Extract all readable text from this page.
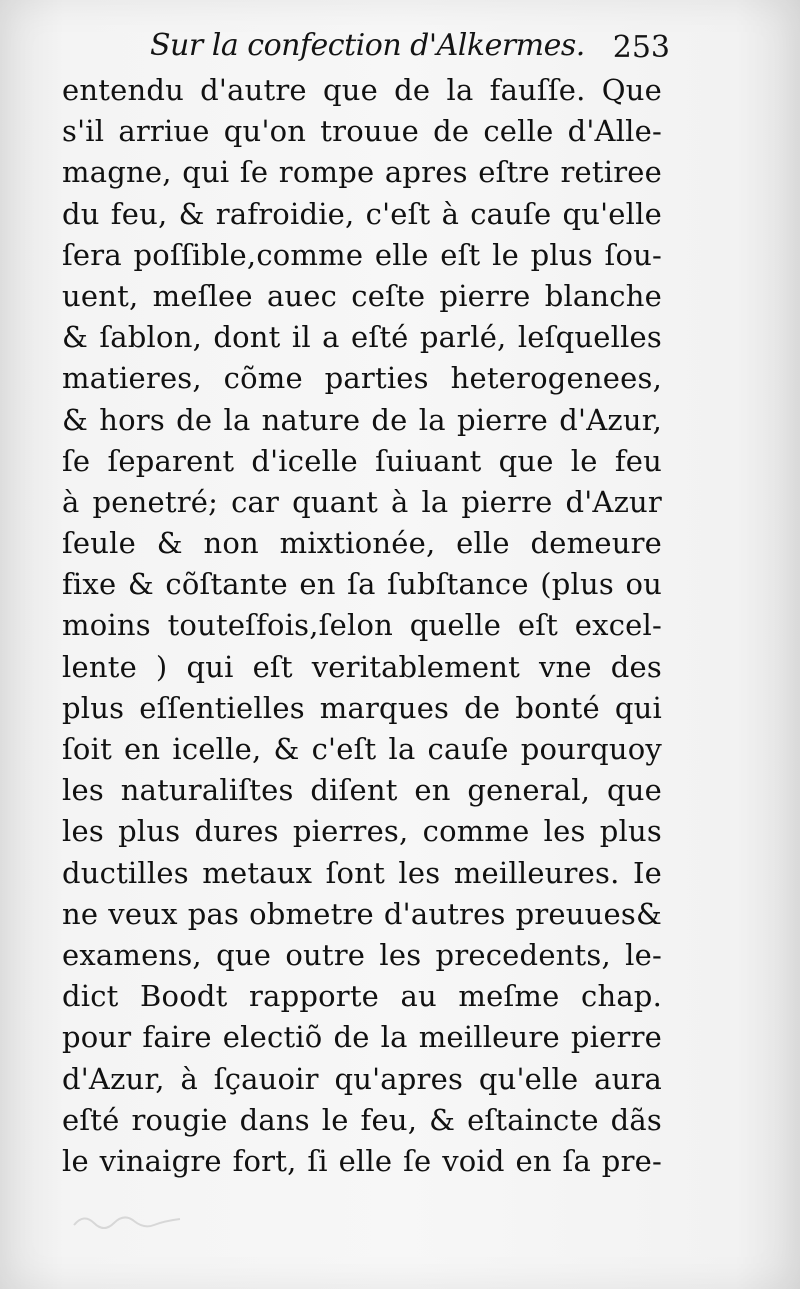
Sur la confection d'Alkermes. 253
entendu d'autre que de la fauſſe. Que
s'il arriue qu'on trouue de celle d'Alle-
magne, qui ſe rompe apres eſtre retiree
du feu, & rafroidie, c'eſt à cauſe qu'elle
ſera poſſible,comme elle eſt le plus ſou-
uent, meſlee auec ceſte pierre blanche
& ſablon, dont il a eſté parlé, leſquelles
matieres, cõme parties heterogenees,
& hors de la nature de la pierre d'Azur,
ſe ſeparent d'icelle ſuiuant que le feu
à penetré; car quant à la pierre d'Azur
ſeule & non mixtionée, elle demeure
fixe & cõſtante en ſa ſubſtance (plus ou
moins touteſfois,ſelon quelle eſt excel-
lente ) qui eſt veritablement vne des
plus eſſentielles marques de bonté qui
ſoit en icelle, & c'eſt la cauſe pourquoy
les naturaliſtes diſent en general, que
les plus dures pierres, comme les plus
ductilles metaux ſont les meilleures. Ie
ne veux pas obmetre d'autres preuues&
examens, que outre les precedents, le-
dict Boodt rapporte au meſme chap.
pour faire electiõ de la meilleure pierre
d'Azur, à ſçauoir qu'apres qu'elle aura
eſté rougie dans le feu, & eſtaincte dãs
le vinaigre fort, ſi elle ſe void en ſa pre-
